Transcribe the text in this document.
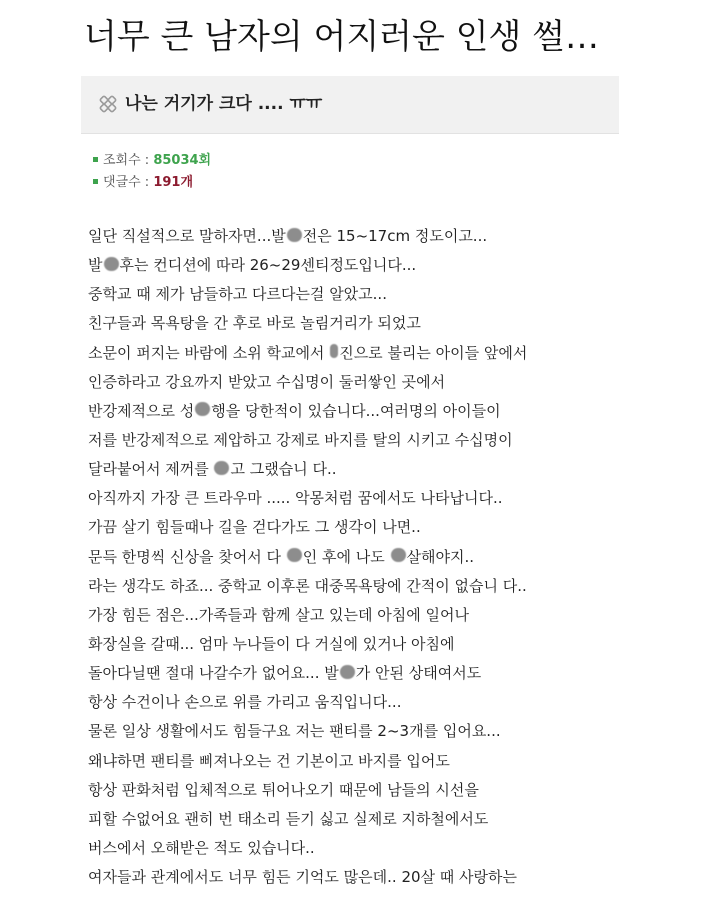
너무 큰 남자의 어지러운 인생 썰…
나는 거기가 크다 .... ㅠㅠ
조회수 : 85034회
댓글수 : 191개
일단 직설적으로 말하자면...발 전은 15~17cm 정도이고...
발 후는 컨디션에 따라 26~29센티정도입니다...
중학교 때 제가 남들하고 다르다는걸 알았고...
친구들과 목욕탕을 간 후로 바로 놀림거리가 되었고
소문이 퍼지는 바람에 소위 학교에서 진으로 불리는 아이들 앞에서
인증하라고 강요까지 받았고 수십명이 둘러쌓인 곳에서
반강제적으로 성 행을 당한적이 있습니다...여러명의 아이들이
저를 반강제적으로 제압하고 강제로 바지를 탈의 시키고 수십명이
달라붙어서 제꺼를 고 그랬습니 다..
아직까지 가장 큰 트라우마 ..... 악몽처럼 꿈에서도 나타납니다..
가끔 살기 힘들때나 길을 걷다가도 그 생각이 나면..
문득 한명씩 신상을 찾어서 다 인 후에 나도 살해야지..
라는 생각도 하죠... 중학교 이후론 대중목욕탕에 간적이 없습니 다..
가장 힘든 점은...가족들과 함께 살고 있는데 아침에 일어나
화장실을 갈때... 엄마 누나들이 다 거실에 있거나 아침에
돌아다닐땐 절대 나갈수가 없어요... 발 가 안된 상태여서도
항상 수건이나 손으로 위를 가리고 움직입니다...
물론 일상 생활에서도 힘들구요 저는 팬티를 2~3개를 입어요...
왜냐하면 팬티를 삐져나오는 건 기본이고 바지를 입어도
항상 판화처럼 입체적으로 튀어나오기 때문에 남들의 시선을
피할 수없어요 괜히 번 태소리 듣기 싫고 실제로 지하철에서도
버스에서 오해받은 적도 있습니다..
여자들과 관계에서도 너무 힘든 기억도 많은데.. 20살 때 사랑하는
